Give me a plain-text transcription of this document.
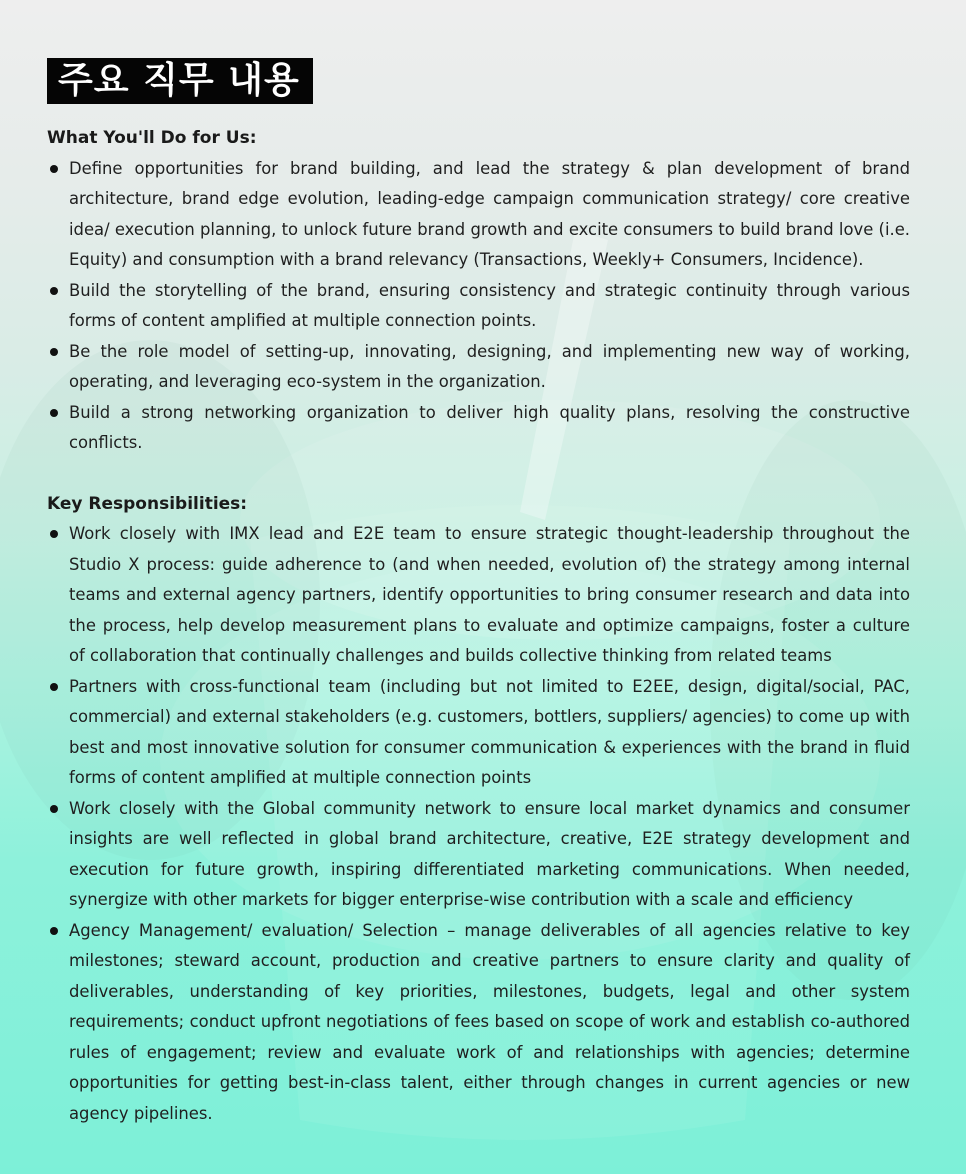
주요 직무 내용
What You'll Do for Us:
Define opportunities for brand building, and lead the strategy & plan development of brand architecture, brand edge evolution, leading-edge campaign communication strategy/ core creative idea/ execution planning, to unlock future brand growth and excite consumers to build brand love (i.e. Equity) and consumption with a brand relevancy (Transactions, Weekly+ Consumers, Incidence).
Build the storytelling of the brand, ensuring consistency and strategic continuity through various forms of content amplified at multiple connection points.
Be the role model of setting-up, innovating, designing, and implementing new way of working, operating, and leveraging eco-system in the organization.
Build a strong networking organization to deliver high quality plans, resolving the constructive conflicts.
Key Responsibilities:
Work closely with IMX lead and E2E team to ensure strategic thought-leadership throughout the Studio X process: guide adherence to (and when needed, evolution of) the strategy among internal teams and external agency partners, identify opportunities to bring consumer research and data into the process, help develop measurement plans to evaluate and optimize campaigns, foster a culture of collaboration that continually challenges and builds collective thinking from related teams
Partners with cross-functional team (including but not limited to E2EE, design, digital/social, PAC, commercial) and external stakeholders (e.g. customers, bottlers, suppliers/ agencies) to come up with best and most innovative solution for consumer communication & experiences with the brand in fluid forms of content amplified at multiple connection points
Work closely with the Global community network to ensure local market dynamics and consumer insights are well reflected in global brand architecture, creative, E2E strategy development and execution for future growth, inspiring differentiated marketing communications. When needed, synergize with other markets for bigger enterprise-wise contribution with a scale and efficiency
Agency Management/ evaluation/ Selection – manage deliverables of all agencies relative to key milestones; steward account, production and creative partners to ensure clarity and quality of deliverables, understanding of key priorities, milestones, budgets, legal and other system requirements; conduct upfront negotiations of fees based on scope of work and establish co-authored rules of engagement; review and evaluate work of and relationships with agencies; determine opportunities for getting best-in-class talent, either through changes in current agencies or new agency pipelines.
